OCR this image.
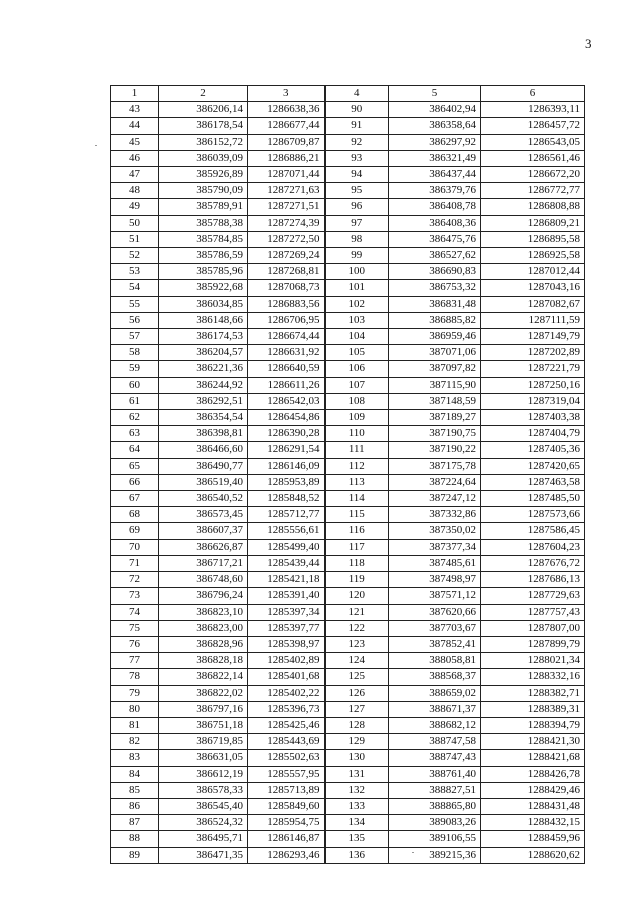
3
1	2	3	4	5	6
43	386206,14	1286638,36	90	386402,94	1286393,11
44	386178,54	1286677,44	91	386358,64	1286457,72
45	386152,72	1286709,87	92	386297,92	1286543,05
46	386039,09	1286886,21	93	386321,49	1286561,46
47	385926,89	1287071,44	94	386437,44	1286672,20
48	385790,09	1287271,63	95	386379,76	1286772,77
49	385789,91	1287271,51	96	386408,78	1286808,88
50	385788,38	1287274,39	97	386408,36	1286809,21
51	385784,85	1287272,50	98	386475,76	1286895,58
52	385786,59	1287269,24	99	386527,62	1286925,58
53	385785,96	1287268,81	100	386690,83	1287012,44
54	385922,68	1287068,73	101	386753,32	1287043,16
55	386034,85	1286883,56	102	386831,48	1287082,67
56	386148,66	1286706,95	103	386885,82	1287111,59
57	386174,53	1286674,44	104	386959,46	1287149,79
58	386204,57	1286631,92	105	387071,06	1287202,89
59	386221,36	1286640,59	106	387097,82	1287221,79
60	386244,92	1286611,26	107	387115,90	1287250,16
61	386292,51	1286542,03	108	387148,59	1287319,04
62	386354,54	1286454,86	109	387189,27	1287403,38
63	386398,81	1286390,28	110	387190,75	1287404,79
64	386466,60	1286291,54	111	387190,22	1287405,36
65	386490,77	1286146,09	112	387175,78	1287420,65
66	386519,40	1285953,89	113	387224,64	1287463,58
67	386540,52	1285848,52	114	387247,12	1287485,50
68	386573,45	1285712,77	115	387332,86	1287573,66
69	386607,37	1285556,61	116	387350,02	1287586,45
70	386626,87	1285499,40	117	387377,34	1287604,23
71	386717,21	1285439,44	118	387485,61	1287676,72
72	386748,60	1285421,18	119	387498,97	1287686,13
73	386796,24	1285391,40	120	387571,12	1287729,63
74	386823,10	1285397,34	121	387620,66	1287757,43
75	386823,00	1285397,77	122	387703,67	1287807,00
76	386828,96	1285398,97	123	387852,41	1287899,79
77	386828,18	1285402,89	124	388058,81	1288021,34
78	386822,14	1285401,68	125	388568,37	1288332,16
79	386822,02	1285402,22	126	388659,02	1288382,71
80	386797,16	1285396,73	127	388671,37	1288389,31
81	386751,18	1285425,46	128	388682,12	1288394,79
82	386719,85	1285443,69	129	388747,58	1288421,30
83	386631,05	1285502,63	130	388747,43	1288421,68
84	386612,19	1285557,95	131	388761,40	1288426,78
85	386578,33	1285713,89	132	388827,51	1288429,46
86	386545,40	1285849,60	133	388865,80	1288431,48
87	386524,32	1285954,75	134	389083,26	1288432,15
88	386495,71	1286146,87	135	389106,55	1288459,96
89	386471,35	1286293,46	136	389215,36	1288620,62
